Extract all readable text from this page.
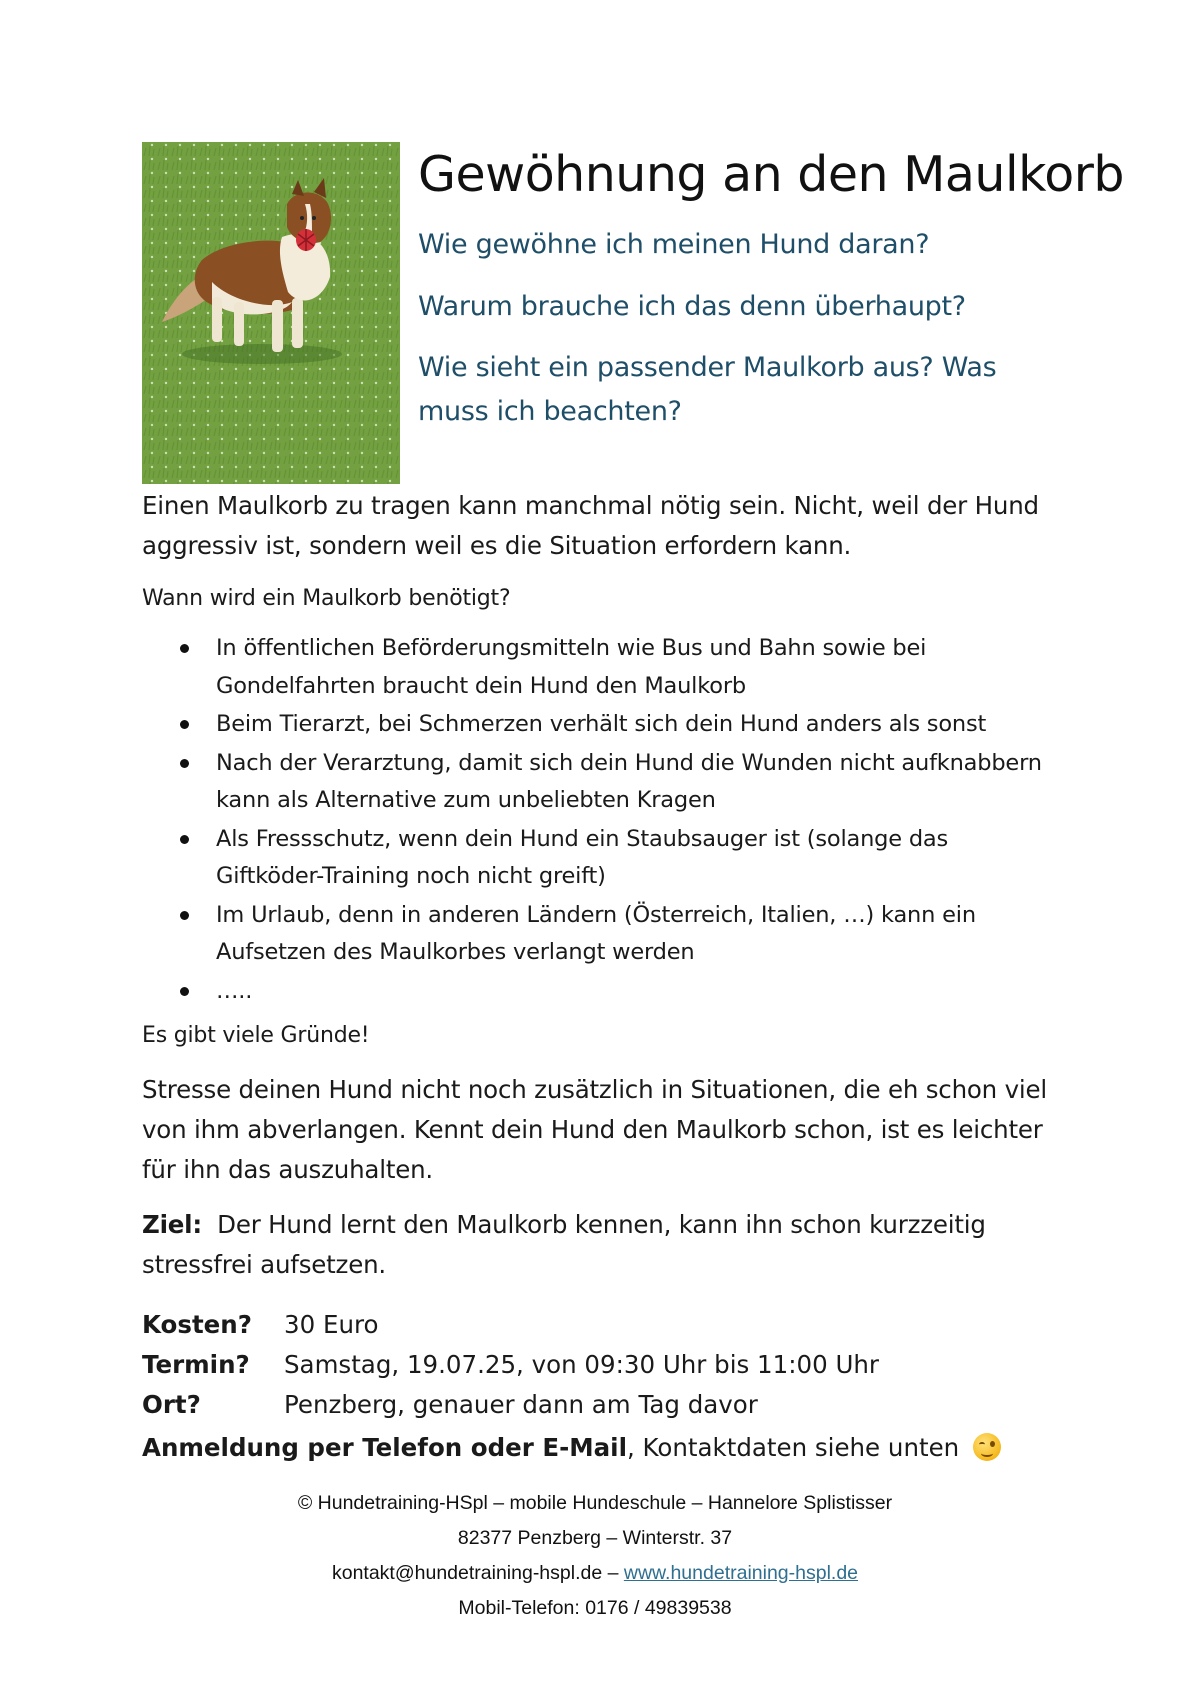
Gewöhnung an den Maulkorb

Wie gewöhne ich meinen Hund daran?

Warum brauche ich das denn überhaupt?

Wie sieht ein passender Maulkorb aus? Was muss ich beachten?

Einen Maulkorb zu tragen kann manchmal nötig sein. Nicht, weil der Hund aggressiv ist, sondern weil es die Situation erfordern kann.

Wann wird ein Maulkorb benötigt?

In öffentlichen Beförderungsmitteln wie Bus und Bahn sowie bei Gondelfahrten braucht dein Hund den Maulkorb
Beim Tierarzt, bei Schmerzen verhält sich dein Hund anders als sonst
Nach der Verarztung, damit sich dein Hund die Wunden nicht aufknabbern kann als Alternative zum unbeliebten Kragen
Als Fressschutz, wenn dein Hund ein Staubsauger ist (solange das Giftköder-Training noch nicht greift)
Im Urlaub, denn in anderen Ländern (Österreich, Italien, …) kann ein Aufsetzen des Maulkorbes verlangt werden
…..

Es gibt viele Gründe!

Stresse deinen Hund nicht noch zusätzlich in Situationen, die eh schon viel von ihm abverlangen. Kennt dein Hund den Maulkorb schon, ist es leichter für ihn das auszuhalten.

Ziel: Der Hund lernt den Maulkorb kennen, kann ihn schon kurzzeitig stressfrei aufsetzen.

Kosten? 30 Euro
Termin? Samstag, 19.07.25, von 09:30 Uhr bis 11:00 Uhr
Ort?	Penzberg, genauer dann am Tag davor
Anmeldung per Telefon oder E-Mail, Kontaktdaten siehe unten
© Hundetraining-HSpl – mobile Hundeschule – Hannelore Splistisser
82377 Penzberg – Winterstr. 37
kontakt@hundetraining-hspl.de – www.hundetraining-hspl.de
Mobil-Telefon: 0176 / 49839538
